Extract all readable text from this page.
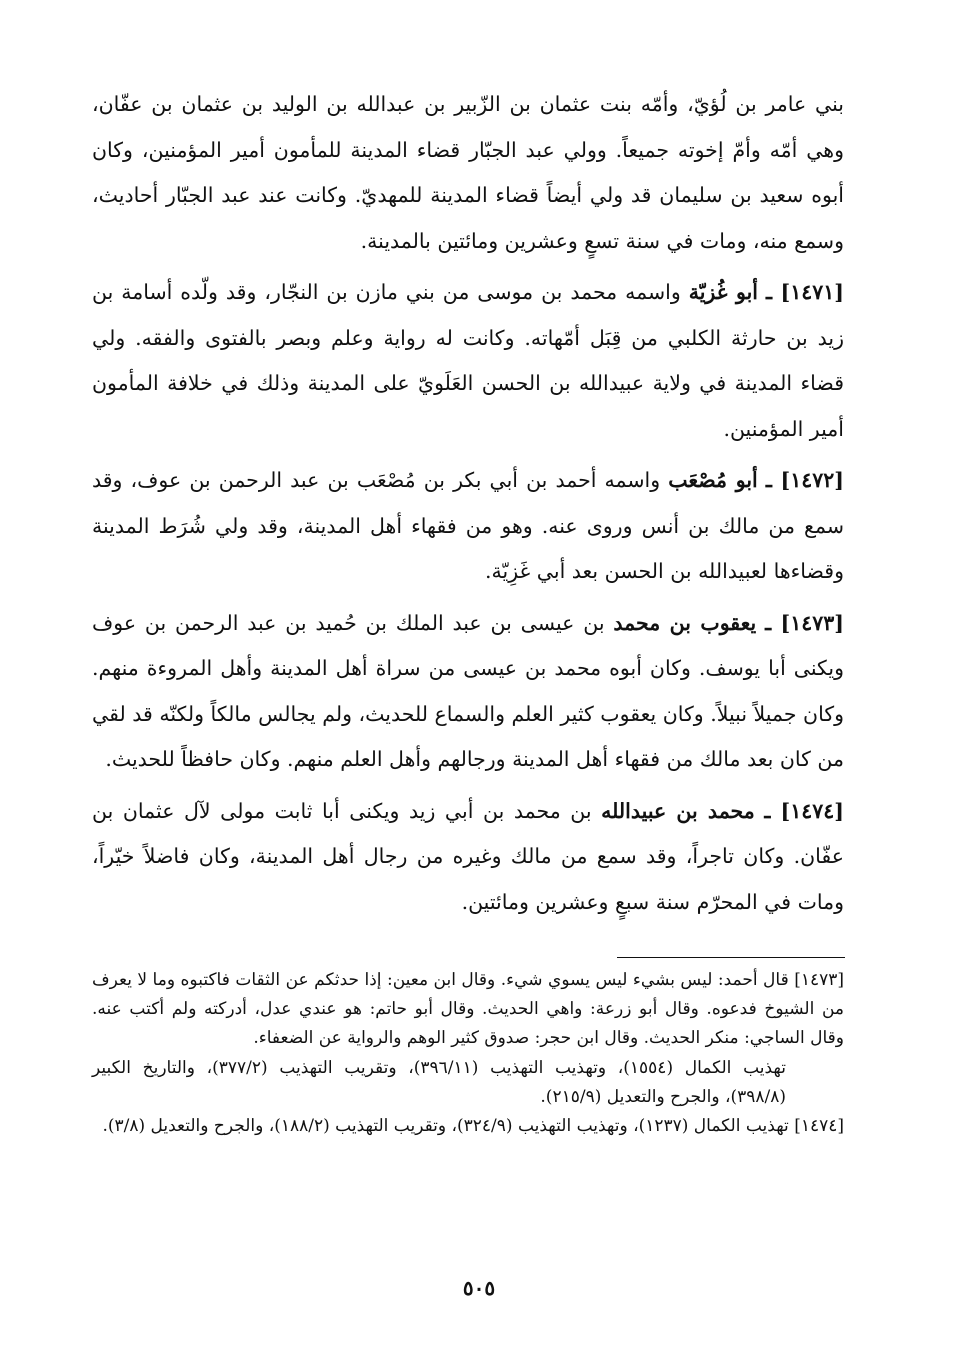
بني عامر بن لُؤيّ، وأمّه بنت عثمان بن الزّبير بن عبدالله بن الوليد بن عثمان بن عفّان، وهي أمّه وأمّ إخوته جميعاً. وولي عبد الجبّار قضاء المدينة للمأمون أمير المؤمنين، وكان أبوه سعيد بن سليمان قد ولي أيضاً قضاء المدينة للمهديّ. وكانت عند عبد الجبّار أحاديث، وسمع منه، ومات في سنة تسعٍ وعشرين ومائتين بالمدينة.

[١٤٧١] ـ أبو غُزيّة واسمه محمد بن موسى من بني مازن بن النجّار، وقد ولّده أسامة بن زيد بن حارثة الكلبي من قِبَل أمّهاته. وكانت له رواية وعلم وبصر بالفتوى والفقه. ولي قضاء المدينة في ولاية عبيدالله بن الحسن العَلَويّ على المدينة وذلك في خلافة المأمون أمير المؤمنين.

[١٤٧٢] ـ أبو مُصْعَب واسمه أحمد بن أبي بكر بن مُصْعَب بن عبد الرحمن بن عوف، وقد سمع من مالك بن أنس وروى عنه. وهو من فقهاء أهل المدينة، وقد ولي شُرَط المدينة وقضاءها لعبيدالله بن الحسن بعد أبي غَزِيّة.

[١٤٧٣] ـ يعقوب بن محمد بن عيسى بن عبد الملك بن حُميد بن عبد الرحمن بن عوف ويكنى أبا يوسف. وكان أبوه محمد بن عيسى من سراة أهل المدينة وأهل المروءة منهم. وكان جميلاً نبيلاً. وكان يعقوب كثير العلم والسماع للحديث، ولم يجالس مالكاً ولكنّه قد لقي من كان بعد مالك من فقهاء أهل المدينة ورجالهم وأهل العلم منهم. وكان حافظاً للحديث.

[١٤٧٤] ـ محمد بن عبيدالله بن محمد بن أبي زيد ويكنى أبا ثابت مولى لآل عثمان بن عفّان. وكان تاجراً، وقد سمع من مالك وغيره من رجال أهل المدينة، وكان فاضلاً خيّراً، ومات في المحرّم سنة سبعٍ وعشرين ومائتين.

[١٤٧٣] قال أحمد: ليس بشيء ليس يسوي شيء. وقال ابن معين: إذا حدثكم عن الثقات فاكتبوه وما لا يعرف من الشيوخ فدعوه. وقال أبو زرعة: واهي الحديث. وقال أبو حاتم: هو عندي عدل، أدركته ولم أكتب عنه. وقال الساجي: منكر الحديث. وقال ابن حجر: صدوق كثير الوهم والرواية عن الضعفاء.

تهذيب الكمال (١٥٥٤)، وتهذيب التهذيب (٣٩٦/١١)، وتقريب التهذيب (٣٧٧/٢)، والتاريخ الكبير (٣٩٨/٨)، والجرح والتعديل (٢١٥/٩).

[١٤٧٤] تهذيب الكمال (١٢٣٧)، وتهذيب التهذيب (٣٢٤/٩)، وتقريب التهذيب (١٨٨/٢)، والجرح والتعديل (٣/٨).

٥٠٥
